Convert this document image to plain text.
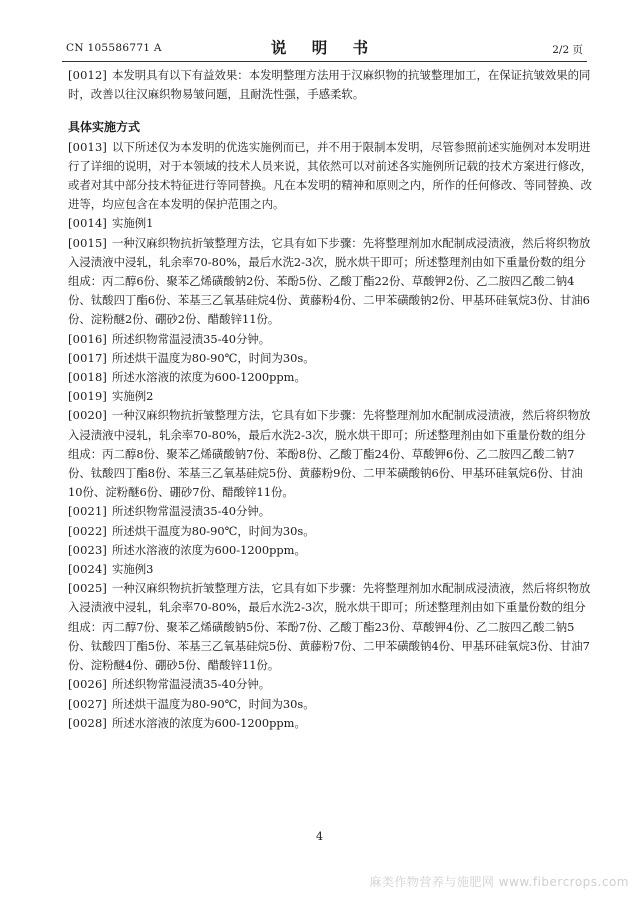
CN 105586771 A	说 明 书	2/2 页

[0012] 本发明具有以下有益效果：本发明整理方法用于汉麻织物的抗皱整理加工，在保证抗皱效果的同时，改善以往汉麻织物易皱问题，且耐洗性强，手感柔软。

具体实施方式

[0013] 以下所述仅为本发明的优选实施例而已，并不用于限制本发明，尽管参照前述实施例对本发明进行了详细的说明，对于本领域的技术人员来说，其依然可以对前述各实施例所记载的技术方案进行修改，或者对其中部分技术特征进行等同替换。凡在本发明的精神和原则之内，所作的任何修改、等同替换、改进等，均应包含在本发明的保护范围之内。

[0014] 实施例1

[0015] 一种汉麻织物抗折皱整理方法，它具有如下步骤：先将整理剂加水配制成浸渍液，然后将织物放入浸渍液中浸轧，轧余率70-80%，最后水洗2-3次，脱水烘干即可；所述整理剂由如下重量份数的组分组成：丙二醇6份、聚苯乙烯磺酸钠2份、苯酚5份、乙酸丁酯22份、草酸钾2份、乙二胺四乙酸二钠4份、钛酸四丁酯6份、苯基三乙氧基硅烷4份、黄藤粉4份、二甲苯磺酸钠2份、甲基环硅氧烷3份、甘油6份、淀粉醚2份、硼砂2份、醋酸锌11份。

[0016] 所述织物常温浸渍35-40分钟。

[0017] 所述烘干温度为80-90℃，时间为30s。

[0018] 所述水溶液的浓度为600-1200ppm。

[0019] 实施例2

[0020] 一种汉麻织物抗折皱整理方法，它具有如下步骤：先将整理剂加水配制成浸渍液，然后将织物放入浸渍液中浸轧，轧余率70-80%，最后水洗2-3次，脱水烘干即可；所述整理剂由如下重量份数的组分组成：丙二醇8份、聚苯乙烯磺酸钠7份、苯酚8份、乙酸丁酯24份、草酸钾6份、乙二胺四乙酸二钠7份、钛酸四丁酯8份、苯基三乙氧基硅烷5份、黄藤粉9份、二甲苯磺酸钠6份、甲基环硅氧烷6份、甘油10份、淀粉醚6份、硼砂7份、醋酸锌11份。

[0021] 所述织物常温浸渍35-40分钟。

[0022] 所述烘干温度为80-90℃，时间为30s。

[0023] 所述水溶液的浓度为600-1200ppm。

[0024] 实施例3

[0025] 一种汉麻织物抗折皱整理方法，它具有如下步骤：先将整理剂加水配制成浸渍液，然后将织物放入浸渍液中浸轧，轧余率70-80%，最后水洗2-3次，脱水烘干即可；所述整理剂由如下重量份数的组分组成：丙二醇7份、聚苯乙烯磺酸钠5份、苯酚7份、乙酸丁酯23份、草酸钾4份、乙二胺四乙酸二钠5份、钛酸四丁酯5份、苯基三乙氧基硅烷5份、黄藤粉7份、二甲苯磺酸钠4份、甲基环硅氧烷3份、甘油7份、淀粉醚4份、硼砂5份、醋酸锌11份。

[0026] 所述织物常温浸渍35-40分钟。

[0027] 所述烘干温度为80-90℃，时间为30s。

[0028] 所述水溶液的浓度为600-1200ppm。

4
麻类作物营养与施肥网 www.fibercrops.com
